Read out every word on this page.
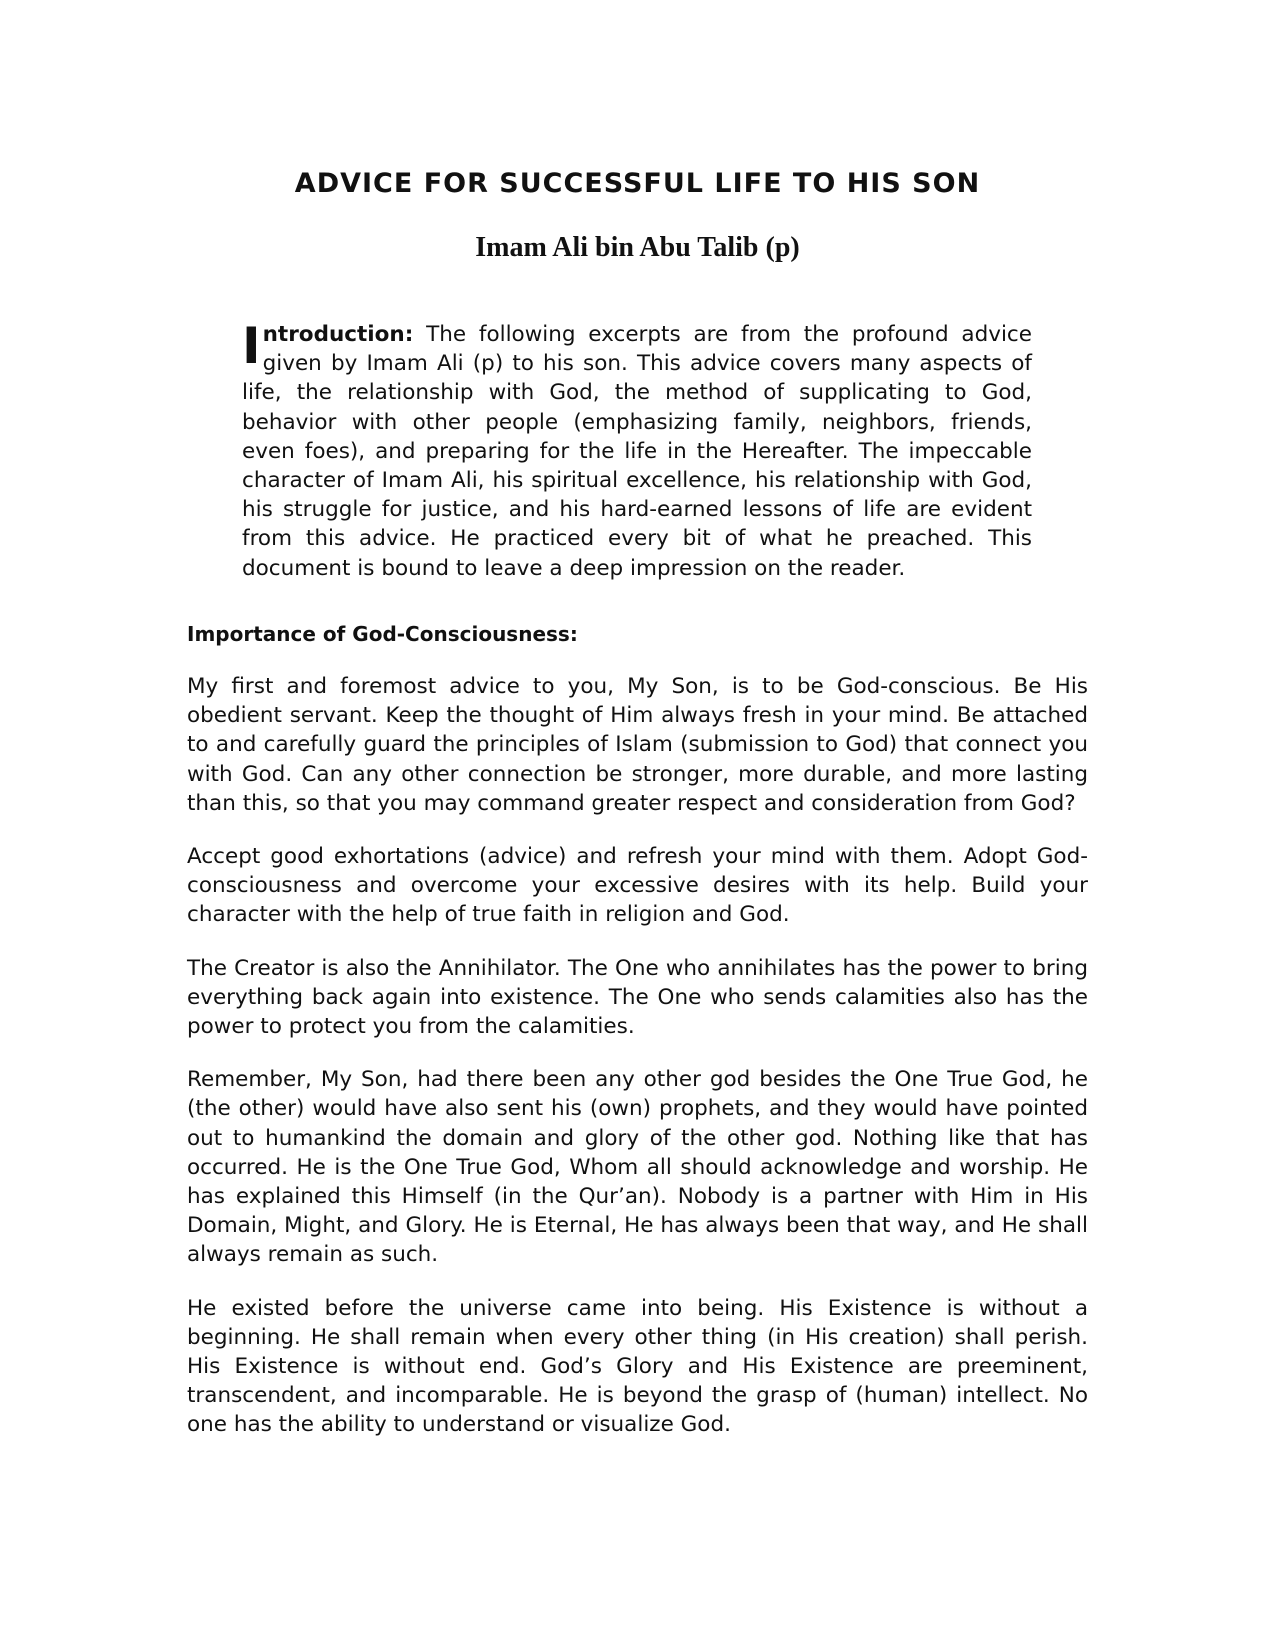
ADVICE FOR SUCCESSFUL LIFE TO HIS SON
Imam Ali bin Abu Talib (p)

Introduction: The following excerpts are from the profound advice given by Imam Ali (p) to his son. This advice covers many aspects of life, the relationship with God, the method of supplicating to God, behavior with other people (emphasizing family, neighbors, friends, even foes), and preparing for the life in the Hereafter. The impeccable character of Imam Ali, his spiritual excellence, his relationship with God, his struggle for justice, and his hard-earned lessons of life are evident from this advice. He practiced every bit of what he preached. This document is bound to leave a deep impression on the reader.

Importance of God-Consciousness:

My first and foremost advice to you, My Son, is to be God-conscious. Be His obedient servant. Keep the thought of Him always fresh in your mind. Be attached to and carefully guard the principles of Islam (submission to God) that connect you with God. Can any other connection be stronger, more durable, and more lasting than this, so that you may command greater respect and consideration from God?

Accept good exhortations (advice) and refresh your mind with them. Adopt God-consciousness and overcome your excessive desires with its help. Build your character with the help of true faith in religion and God.

The Creator is also the Annihilator. The One who annihilates has the power to bring everything back again into existence. The One who sends calamities also has the power to protect you from the calamities.

Remember, My Son, had there been any other god besides the One True God, he (the other) would have also sent his (own) prophets, and they would have pointed out to humankind the domain and glory of the other god. Nothing like that has occurred. He is the One True God, Whom all should acknowledge and worship. He has explained this Himself (in the Qur’an). Nobody is a partner with Him in His Domain, Might, and Glory. He is Eternal, He has always been that way, and He shall always remain as such.

He existed before the universe came into being. His Existence is without a beginning. He shall remain when every other thing (in His creation) shall perish. His Existence is without end. God’s Glory and His Existence are preeminent, transcendent, and incomparable. He is beyond the grasp of (human) intellect. No one has the ability to understand or visualize God.
